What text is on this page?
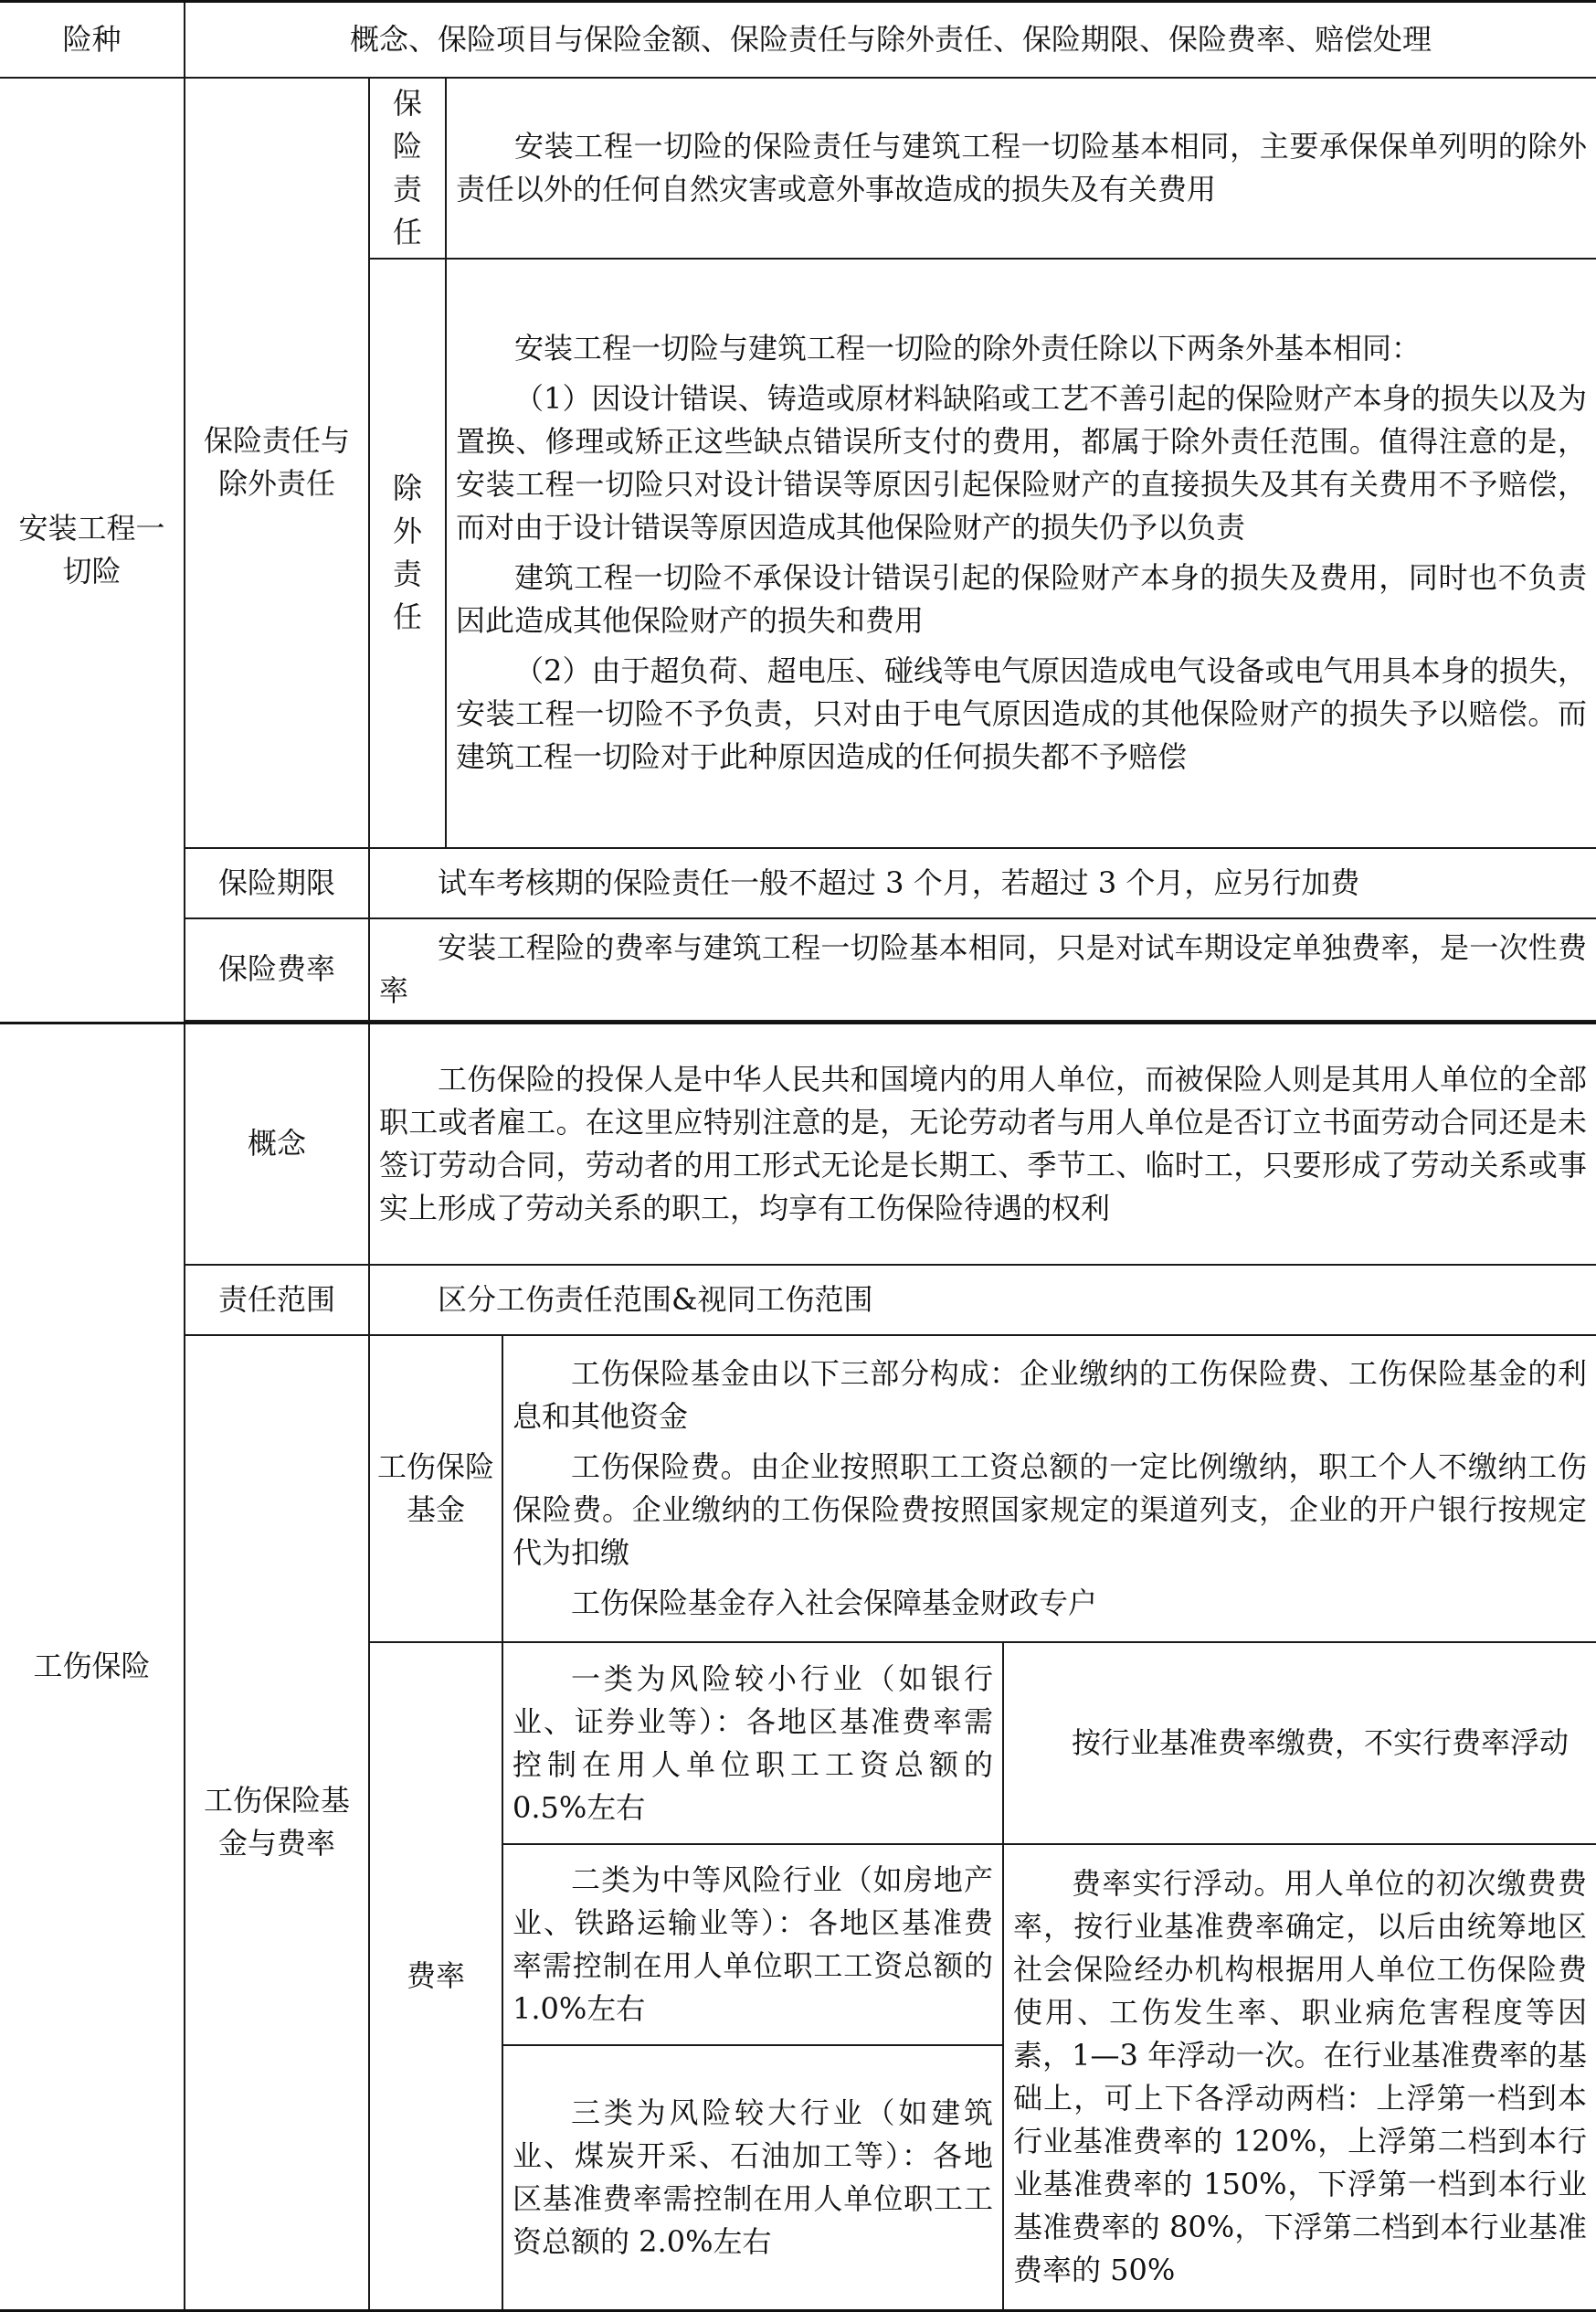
险种	概念、保险项目与保险金额、保险责任与除外责任、保险期限、保险费率、赔偿处理				
安装工程一切险	保险责任与除外责任	保险责任	安装工程一切险的保险责任与建筑工程一切险基本相同，主要承保保单列明的除外责任以外的任何自然灾害或意外事故造成的损失及有关费用		

		除外责任	安装工程一切险与建筑工程一切险的除外责任除以下两条外基本相同：

（1）因设计错误、铸造或原材料缺陷或工艺不善引起的保险财产本身的损失以及为置换、修理或矫正这些缺点错误所支付的费用，都属于除外责任范围。值得注意的是，安装工程一切险只对设计错误等原因引起保险财产的直接损失及其有关费用不予赔偿，而对由于设计错误等原因造成其他保险财产的损失仍予以负责

建筑工程一切险不承保设计错误引起的保险财产本身的损失及费用，同时也不负责因此造成其他保险财产的损失和费用

（2）由于超负荷、超电压、碰线等电气原因造成电气设备或电气用具本身的损失，安装工程一切险不予负责，只对由于电气原因造成的其他保险财产的损失予以赔偿。而建筑工程一切险对于此种原因造成的任何损失都不予赔偿		

	保险期限	试车考核期的保险责任一般不超过 3 个月，若超过 3 个月，应另行加费			

	保险费率	安装工程险的费率与建筑工程一切险基本相同，只是对试车期设定单独费率，是一次性费率			

工伤保险	概念	工伤保险的投保人是中华人民共和国境内的用人单位，而被保险人则是其用人单位的全部职工或者雇工。在这里应特别注意的是，无论劳动者与用人单位是否订立书面劳动合同还是未签订劳动合同，劳动者的用工形式无论是长期工、季节工、临时工，只要形成了劳动关系或事实上形成了劳动关系的职工，均享有工伤保险待遇的权利			

	责任范围	区分工伤责任范围&视同工伤范围			

	工伤保险基金与费率	工伤保险基金		工伤保险基金由以下三部分构成：企业缴纳的工伤保险费、工伤保险基金的利息和其他资金

工伤保险费。由企业按照职工工资总额的一定比例缴纳，职工个人不缴纳工伤保险费。企业缴纳的工伤保险费按照国家规定的渠道列支，企业的开户银行按规定代为扣缴

工伤保险基金存入社会保障基金财政专户	

		费率		一类为风险较小行业（如银行业、证券业等）：各地区基准费率需控制在用人单位职工工资总额的 0.5%左右	按行业基准费率缴费，不实行费率浮动

				二类为中等风险行业（如房地产业、铁路运输业等）：各地区基准费率需控制在用人单位职工工资总额的 1.0%左右	费率实行浮动。用人单位的初次缴费费率，按行业基准费率确定，以后由统筹地区社会保险经办机构根据用人单位工伤保险费使用、工伤发生率、职业病危害程度等因素，1—3 年浮动一次。在行业基准费率的基础上，可上下各浮动两档：上浮第一档到本行业基准费率的 120%，上浮第二档到本行业基准费率的 150%，下浮第一档到本行业基准费率的 80%，下浮第二档到本行业基准费率的 50%

				三类为风险较大行业（如建筑业、煤炭开采、石油加工等）：各地区基准费率需控制在用人单位职工工资总额的 2.0%左右	
